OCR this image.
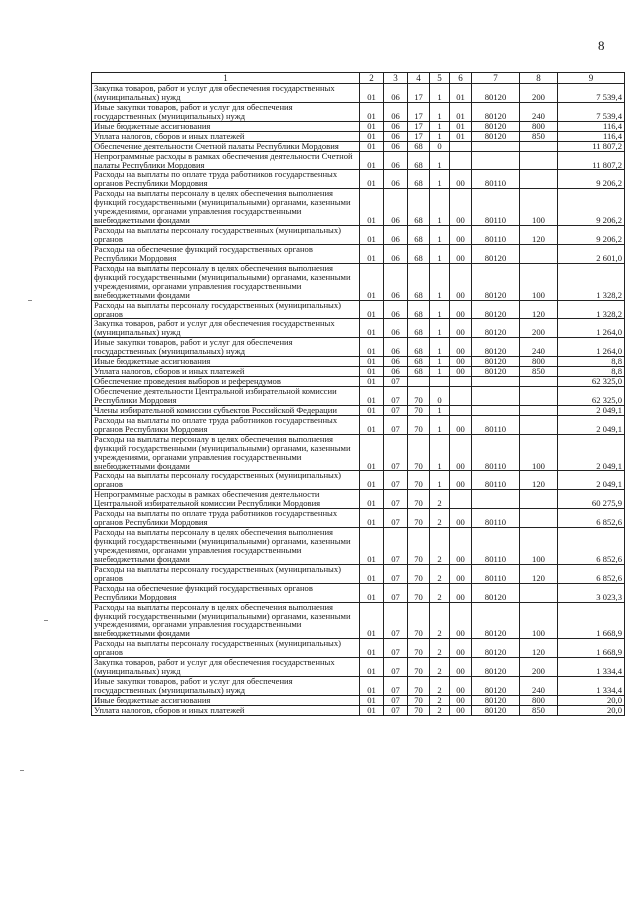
8
1	2	3	4	5	6	7	8	9
Закупка товаров, работ и услуг для обеспечения государственных (муниципальных) нужд	01	06	17	1	01	80120	200	7 539,4
Иные закупки товаров, работ и услуг для обеспечения государственных (муниципальных) нужд	01	06	17	1	01	80120	240	7 539,4
Иные бюджетные ассигнования	01	06	17	1	01	80120	800	116,4
Уплата налогов, сборов и иных платежей	01	06	17	1	01	80120	850	116,4
Обеспечение деятельности Счетной палаты Республики Мордовия	01	06	68	0				11 807,2
Непрограммные расходы в рамках обеспечения деятельности Счетной палаты Республики Мордовия	01	06	68	1				11 807,2
Расходы на выплаты по оплате труда работников государственных органов Республики Мордовия	01	06	68	1	00	80110		9 206,2
Расходы на выплаты персоналу в целях обеспечения выполнения функций государственными (муниципальными) органами, казенными учреждениями, органами управления государственными внебюджетными фондами	01	06	68	1	00	80110	100	9 206,2
Расходы на выплаты персоналу государственных (муниципальных) органов	01	06	68	1	00	80110	120	9 206,2
Расходы на обеспечение функций государственных органов Республики Мордовия	01	06	68	1	00	80120		2 601,0
Расходы на выплаты персоналу в целях обеспечения выполнения функций государственными (муниципальными) органами, казенными учреждениями, органами управления государственными внебюджетными фондами	01	06	68	1	00	80120	100	1 328,2
Расходы на выплаты персоналу государственных (муниципальных) органов	01	06	68	1	00	80120	120	1 328,2
Закупка товаров, работ и услуг для обеспечения государственных (муниципальных) нужд	01	06	68	1	00	80120	200	1 264,0
Иные закупки товаров, работ и услуг для обеспечения государственных (муниципальных) нужд	01	06	68	1	00	80120	240	1 264,0
Иные бюджетные ассигнования	01	06	68	1	00	80120	800	8,8
Уплата налогов, сборов и иных платежей	01	06	68	1	00	80120	850	8,8
Обеспечение проведения выборов и референдумов	01	07						62 325,0
Обеспечение деятельности Центральной избирательной комиссии Республики Мордовия	01	07	70	0				62 325,0
Члены избирательной комиссии субъектов Российской Федерации	01	07	70	1				2 049,1
Расходы на выплаты по оплате труда работников государственных органов Республики Мордовия	01	07	70	1	00	80110		2 049,1
Расходы на выплаты персоналу в целях обеспечения выполнения функций государственными (муниципальными) органами, казенными учреждениями, органами управления государственными внебюджетными фондами	01	07	70	1	00	80110	100	2 049,1
Расходы на выплаты персоналу государственных (муниципальных) органов	01	07	70	1	00	80110	120	2 049,1
Непрограммные расходы в рамках обеспечения деятельности Центральной избирательной комиссии Республики Мордовия	01	07	70	2				60 275,9
Расходы на выплаты по оплате труда работников государственных органов Республики Мордовия	01	07	70	2	00	80110		6 852,6
Расходы на выплаты персоналу в целях обеспечения выполнения функций государственными (муниципальными) органами, казенными учреждениями, органами управления государственными внебюджетными фондами	01	07	70	2	00	80110	100	6 852,6
Расходы на выплаты персоналу государственных (муниципальных) органов	01	07	70	2	00	80110	120	6 852,6
Расходы на обеспечение функций государственных органов Республики Мордовия	01	07	70	2	00	80120		3 023,3
Расходы на выплаты персоналу в целях обеспечения выполнения функций государственными (муниципальными) органами, казенными учреждениями, органами управления государственными внебюджетными фондами	01	07	70	2	00	80120	100	1 668,9
Расходы на выплаты персоналу государственных (муниципальных) органов	01	07	70	2	00	80120	120	1 668,9
Закупка товаров, работ и услуг для обеспечения государственных (муниципальных) нужд	01	07	70	2	00	80120	200	1 334,4
Иные закупки товаров, работ и услуг для обеспечения государственных (муниципальных) нужд	01	07	70	2	00	80120	240	1 334,4
Иные бюджетные ассигнования	01	07	70	2	00	80120	800	20,0
Уплата налогов, сборов и иных платежей	01	07	70	2	00	80120	850	20,0
